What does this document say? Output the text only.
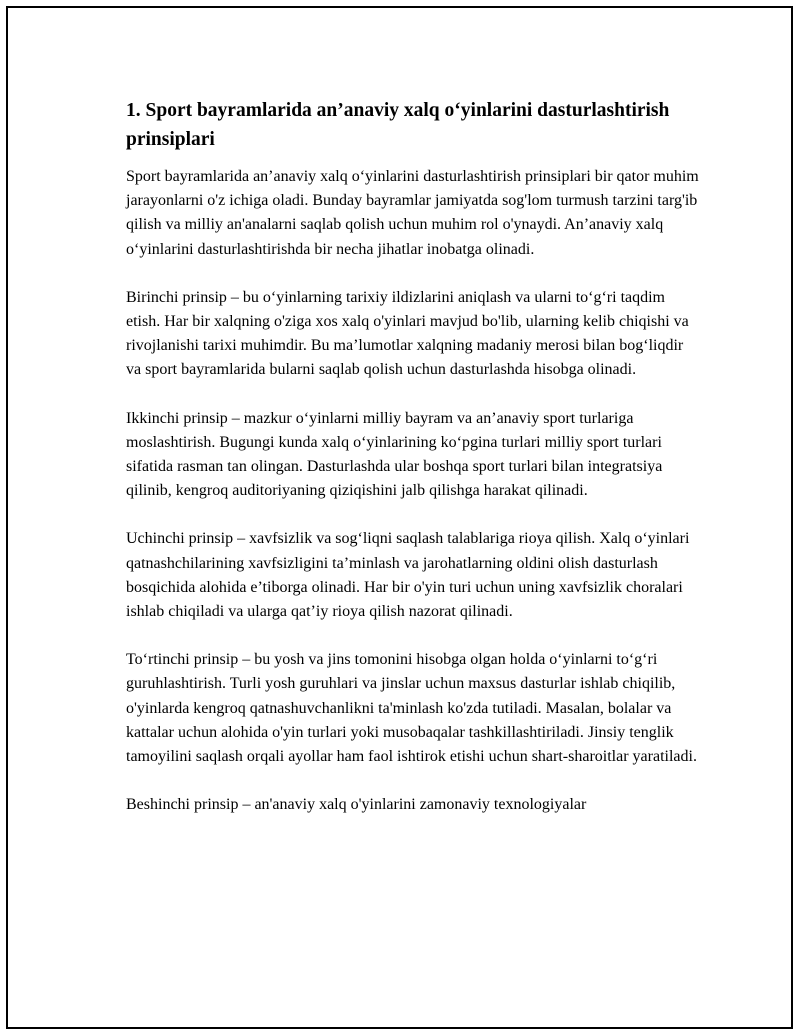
1. Sport bayramlarida an’anaviy xalq o‘yinlarini dasturlashtirish prinsiplari

Sport bayramlarida an’anaviy xalq o‘yinlarini dasturlashtirish prinsiplari bir qator muhim jarayonlarni o'z ichiga oladi. Bunday bayramlar jamiyatda sog'lom turmush tarzini targ'ib qilish va milliy an'analarni saqlab qolish uchun muhim rol o'ynaydi. An’anaviy xalq o‘yinlarini dasturlashtirishda bir necha jihatlar inobatga olinadi.

Birinchi prinsip – bu o‘yinlarning tarixiy ildizlarini aniqlash va ularni to‘g‘ri taqdim etish. Har bir xalqning o'ziga xos xalq o'yinlari mavjud bo'lib, ularning kelib chiqishi va rivojlanishi tarixi muhimdir. Bu ma’lumotlar xalqning madaniy merosi bilan bog‘liqdir va sport bayramlarida bularni saqlab qolish uchun dasturlashda hisobga olinadi.

Ikkinchi prinsip – mazkur o‘yinlarni milliy bayram va an’anaviy sport turlariga moslashtirish. Bugungi kunda xalq o‘yinlarining ko‘pgina turlari milliy sport turlari sifatida rasman tan olingan. Dasturlashda ular boshqa sport turlari bilan integratsiya qilinib, kengroq auditoriyaning qiziqishini jalb qilishga harakat qilinadi.

Uchinchi prinsip – xavfsizlik va sog‘liqni saqlash talablariga rioya qilish. Xalq o‘yinlari qatnashchilarining xavfsizligini ta’minlash va jarohatlarning oldini olish dasturlash bosqichida alohida e’tiborga olinadi. Har bir o'yin turi uchun uning xavfsizlik choralari ishlab chiqiladi va ularga qat’iy rioya qilish nazorat qilinadi.

To‘rtinchi prinsip – bu yosh va jins tomonini hisobga olgan holda o‘yinlarni to‘g‘ri guruhlashtirish. Turli yosh guruhlari va jinslar uchun maxsus dasturlar ishlab chiqilib, o'yinlarda kengroq qatnashuvchanlikni ta'minlash ko'zda tutiladi. Masalan, bolalar va kattalar uchun alohida o'yin turlari yoki musobaqalar tashkillashtiriladi. Jinsiy tenglik tamoyilini saqlash orqali ayollar ham faol ishtirok etishi uchun shart-sharoitlar yaratiladi.

Beshinchi prinsip – an'anaviy xalq o'yinlarini zamonaviy texnologiyalar
